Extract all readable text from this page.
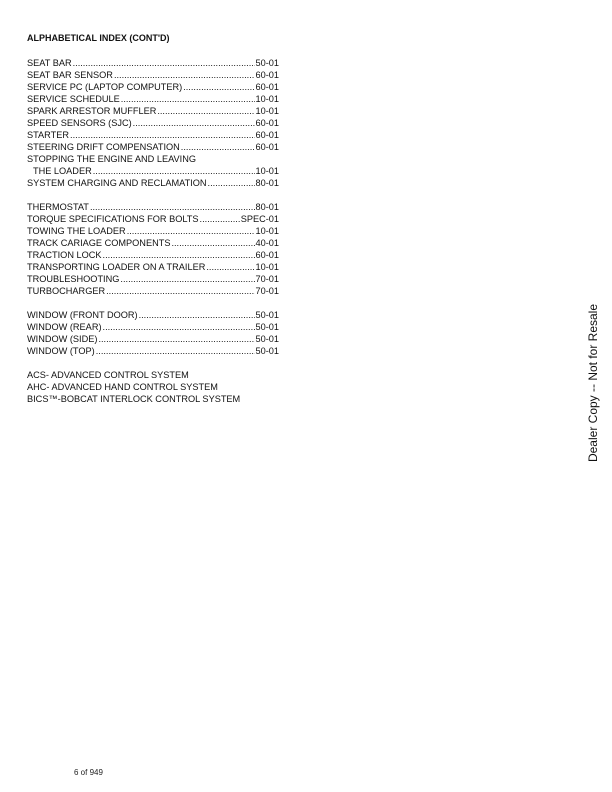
ALPHABETICAL INDEX (CONT'D)
SEAT BAR .....	50-01
SEAT BAR SENSOR .....	60-01
SERVICE PC (LAPTOP COMPUTER) .....	60-01
SERVICE SCHEDULE .....	10-01
SPARK ARRESTOR MUFFLER .....	10-01
SPEED SENSORS (SJC) .....	60-01
STARTER .....	60-01
STEERING DRIFT COMPENSATION .....	60-01
STOPPING THE ENGINE AND LEAVING
THE LOADER .....	10-01
SYSTEM CHARGING AND RECLAMATION .....	80-01
THERMOSTAT .....	80-01
TORQUE SPECIFICATIONS FOR BOLTS .....	SPEC-01
TOWING THE LOADER .....	10-01
TRACK CARIAGE COMPONENTS .....	40-01
TRACTION LOCK .....	60-01
TRANSPORTING LOADER ON A TRAILER .....	10-01
TROUBLESHOOTING .....	70-01
TURBOCHARGER .....	70-01
WINDOW (FRONT DOOR) .....	50-01
WINDOW (REAR) .....	50-01
WINDOW (SIDE) .....	50-01
WINDOW (TOP) .....	50-01
ACS- ADVANCED CONTROL SYSTEM
AHC- ADVANCED HAND CONTROL SYSTEM
BICS™-BOBCAT INTERLOCK CONTROL SYSTEM	Dealer Copy -- Not for Resale
6 of 949
